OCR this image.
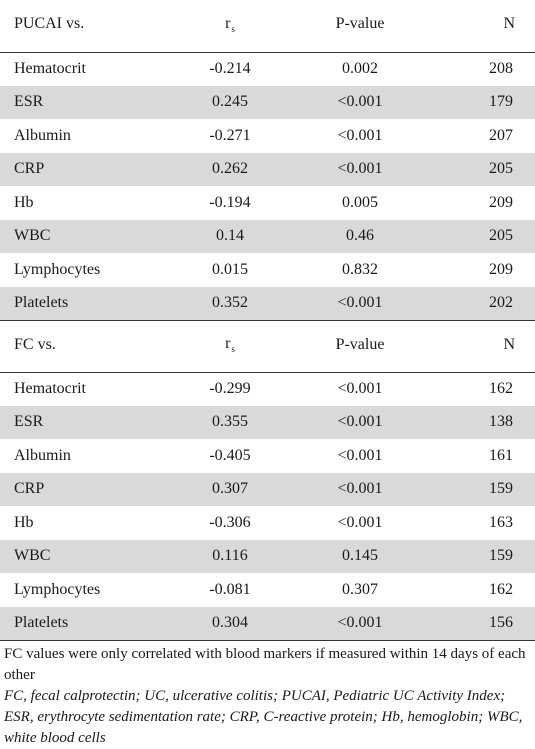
PUCAI vs.	$r_s$	P-value	N
Hematocrit	-0.214	0.002	208
ESR	0.245	<0.001	179
Albumin	-0.271	<0.001	207
CRP	0.262	<0.001	205
Hb	-0.194	0.005	209
WBC	0.14	0.46	205
Lymphocytes	0.015	0.832	209
Platelets	0.352	<0.001	202
FC vs.	$r_s$	P-value	N
Hematocrit	-0.299	<0.001	162
ESR	0.355	<0.001	138
Albumin	-0.405	<0.001	161
CRP	0.307	<0.001	159
Hb	-0.306	<0.001	163
WBC	0.116	0.145	159
Lymphocytes	-0.081	0.307	162
Platelets	0.304	<0.001	156

FC values were only correlated with blood markers if measured within 14 days of each other

FC, fecal calprotectin; UC, ulcerative colitis; PUCAI, Pediatric UC Activity Index; ESR, erythrocyte sedimentation rate; CRP, C-reactive protein; Hb, hemoglobin; WBC, white blood cells
